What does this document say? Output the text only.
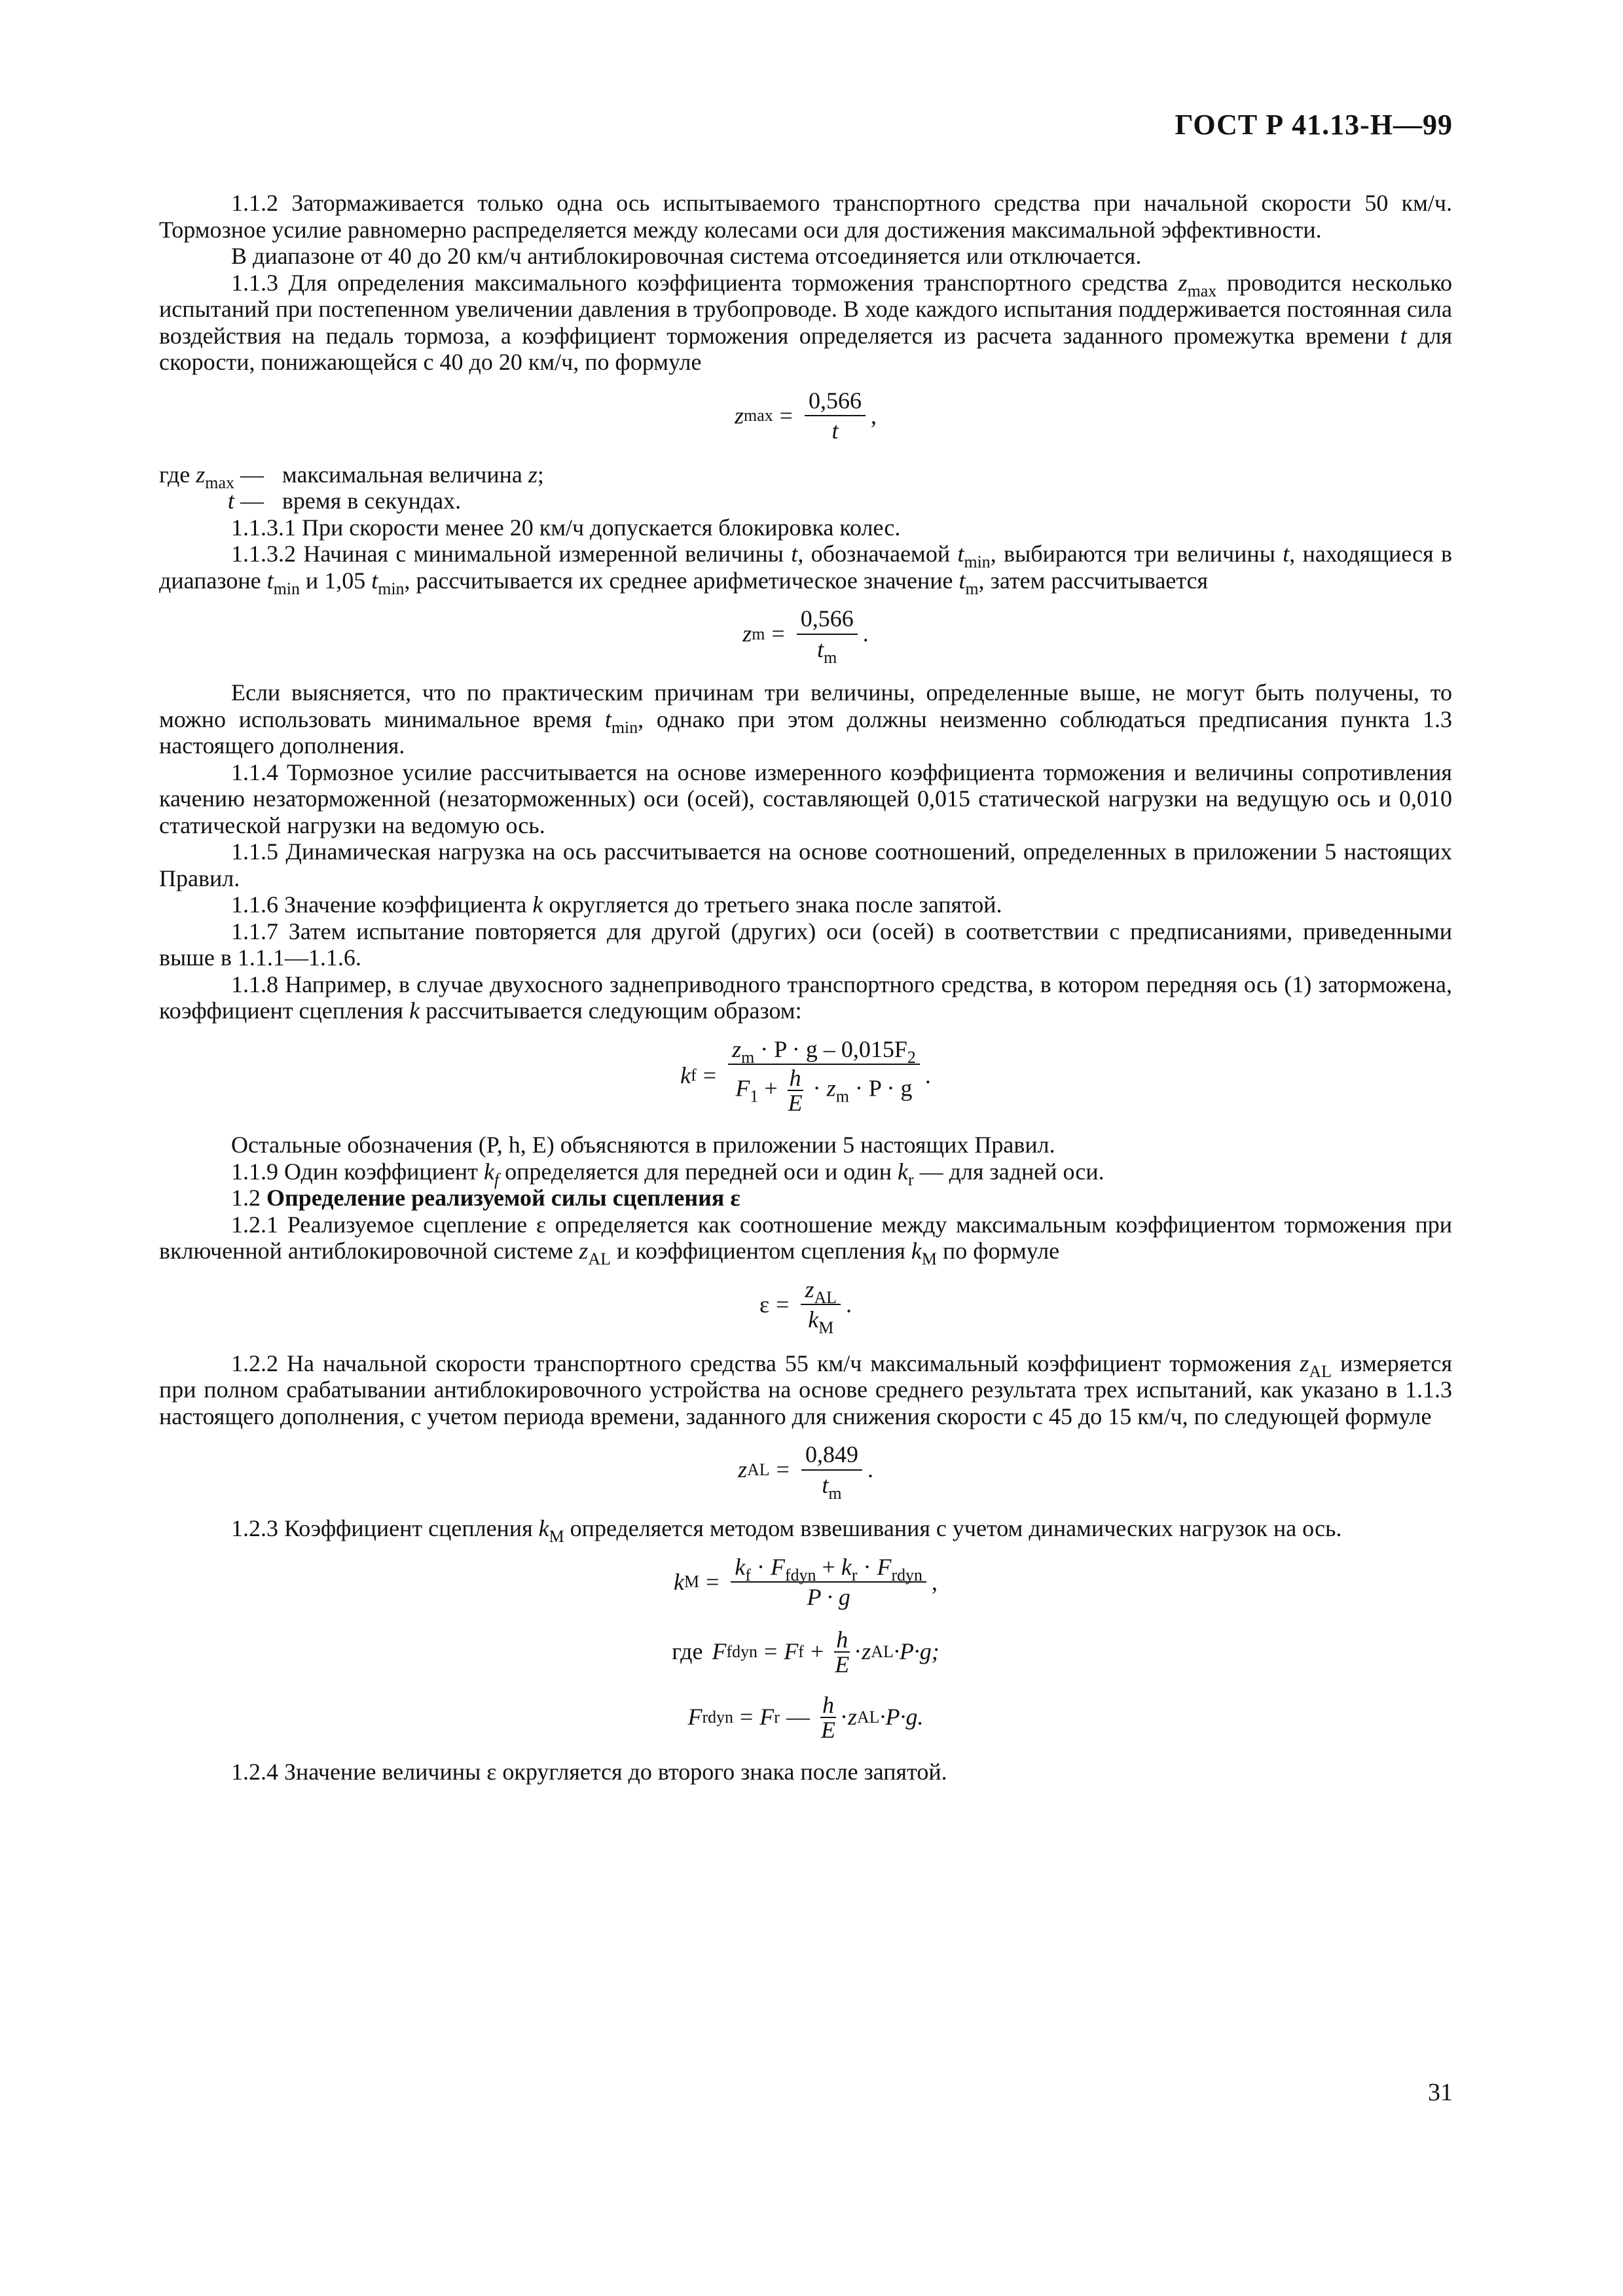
ГОСТ Р 41.13-Н—99

1.1.2 Затормаживается только одна ось испытываемого транспортного средства при начальной скорости 50 км/ч. Тормозное усилие равномерно распределяется между колесами оси для достижения максимальной эффективности.

В диапазоне от 40 до 20 км/ч антиблокировочная система отсоединяется или отключается.

1.1.3 Для определения максимального коэффициента торможения транспортного средства $z_{max}$ проводится несколько испытаний при постепенном увеличении давления в трубопроводе. В ходе каждого испытания поддерживается постоянная сила воздействия на педаль тормоза, а коэффициент торможения определяется из расчета заданного промежутка времени t для скорости, понижающейся с 40 до 20 км/ч, по формуле

z $\max = \frac{0,566}{t}$ ,
где $z_{max}$ — максимальная величина z;
t — время в секундах.

1.1.3.1 При скорости менее 20 км/ч допускается блокировка колес.

1.1.3.2 Начиная с минимальной измеренной величины t, обозначаемой $t_{min}$, выбираются три величины t, находящиеся в диапазоне $t_{min}$ и 1,05 $t_{min}$, рассчитывается их среднее арифметическое значение $t_m$, затем рассчитывается

z $m = \frac{0,566}{t_m}$ .

Если выясняется, что по практическим причинам три величины, определенные выше, не могут быть получены, то можно использовать минимальное время $t_{min}$, однако при этом должны неизменно соблюдаться предписания пункта 1.3 настоящего дополнения.

1.1.4 Тормозное усилие рассчитывается на основе измеренного коэффициента торможения и величины сопротивления качению незаторможенной (незаторможенных) оси (осей), составляющей 0,015 статической нагрузки на ведущую ось и 0,010 статической нагрузки на ведомую ось.

1.1.5 Динамическая нагрузка на ось рассчитывается на основе соотношений, определенных в приложении 5 настоящих Правил.

1.1.6 Значение коэффициента k округляется до третьего знака после запятой.

1.1.7 Затем испытание повторяется для другой (других) оси (осей) в соответствии с предписаниями, приведенными выше в 1.1.1—1.1.6.

1.1.8 Например, в случае двухосного заднеприводного транспортного средства, в котором передняя ось (1) заторможена, коэффициент сцепления k рассчитывается следующим образом:

k $f = \frac{z_m \cdot P \cdot g - 0,015F_2}{F_1 + \frac{h}{E} \cdot z_m \cdot P \cdot g}$ .

Остальные обозначения (P, h, E) объясняются в приложении 5 настоящих Правил.

1.1.9 Один коэффициент $k_f$ определяется для передней оси и один $k_r$ — для задней оси.

1.2 Определение реализуемой силы сцепления ε

1.2.1 Реализуемое сцепление ε определяется как соотношение между максимальным коэффициентом торможения при включенной антиблокировочной системе $z_{AL}$ и коэффициентом сцепления $k_M$ по формуле

$\varepsilon = \frac{z_{AL}}{k_M}$ .

1.2.2 На начальной скорости транспортного средства 55 км/ч максимальный коэффициент торможения $z_{AL}$ измеряется при полном срабатывании антиблокировочного устройства на основе среднего результата трех испытаний, как указано в 1.1.3 настоящего дополнения, с учетом периода времени, заданного для снижения скорости с 45 до 15 км/ч, по следующей формуле

z AL = $\frac{0,849}{t_m}$ .

1.2.3 Коэффициент сцепления $k_M$ определяется методом взвешивания с учетом динамических нагрузок на ось.

k $M = \frac{k_f \cdot F_{fdyn} + k_r \cdot F_{rdyn}}{P \cdot g}$ ,
где F fdyn = F $f + \frac{h}{E} \cdot z$ AL ·P·g;
F rdyn = F r — $\frac{h}{E} \cdot z$ AL ·P·g.

1.2.4 Значение величины ε округляется до второго знака после запятой.

31
